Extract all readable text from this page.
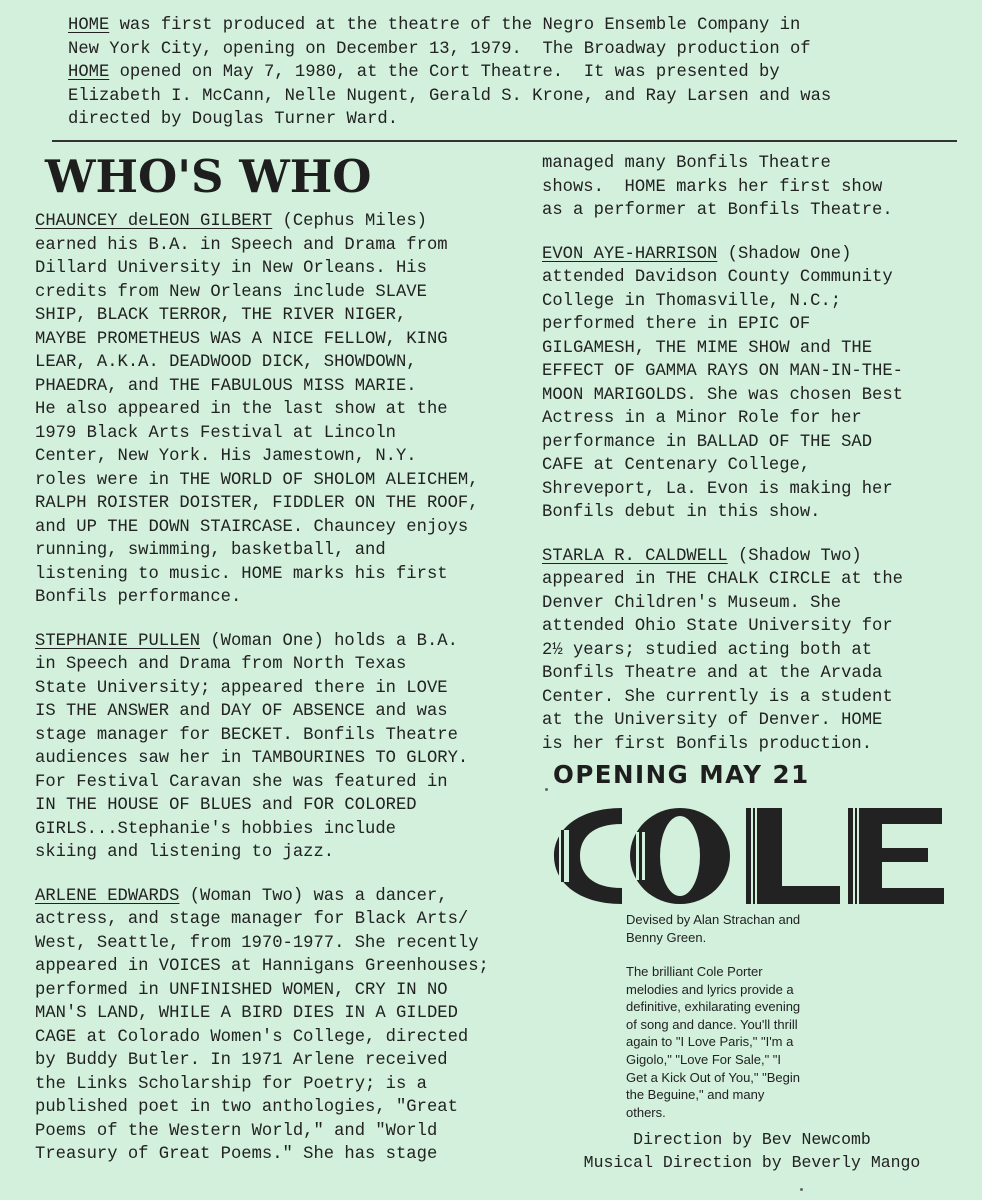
HOME was first produced at the theatre of the Negro Ensemble Company in
New York City, opening on December 13, 1979.  The Broadway production of
HOME opened on May 7, 1980, at the Cort Theatre.  It was presented by
Elizabeth I. McCann, Nelle Nugent, Gerald S. Krone, and Ray Larsen and was
directed by Douglas Turner Ward.
WHO'S WHO

CHAUNCEY deLEON GILBERT (Cephus Miles)
earned his B.A. in Speech and Drama from
Dillard University in New Orleans. His
credits from New Orleans include SLAVE
SHIP, BLACK TERROR, THE RIVER NIGER,
MAYBE PROMETHEUS WAS A NICE FELLOW, KING
LEAR, A.K.A. DEADWOOD DICK, SHOWDOWN,
PHAEDRA, and THE FABULOUS MISS MARIE.
He also appeared in the last show at the
1979 Black Arts Festival at Lincoln
Center, New York. His Jamestown, N.Y.
roles were in THE WORLD OF SHOLOM ALEICHEM,
RALPH ROISTER DOISTER, FIDDLER ON THE ROOF,
and UP THE DOWN STAIRCASE. Chauncey enjoys
running, swimming, basketball, and
listening to music. HOME marks his first
Bonfils performance.

STEPHANIE PULLEN (Woman One) holds a B.A.
in Speech and Drama from North Texas
State University; appeared there in LOVE
IS THE ANSWER and DAY OF ABSENCE and was
stage manager for BECKET. Bonfils Theatre
audiences saw her in TAMBOURINES TO GLORY.
For Festival Caravan she was featured in
IN THE HOUSE OF BLUES and FOR COLORED
GIRLS...Stephanie's hobbies include
skiing and listening to jazz.

ARLENE EDWARDS (Woman Two) was a dancer,
actress, and stage manager for Black Arts/
West, Seattle, from 1970-1977. She recently
appeared in VOICES at Hannigans Greenhouses;
performed in UNFINISHED WOMEN, CRY IN NO
MAN'S LAND, WHILE A BIRD DIES IN A GILDED
CAGE at Colorado Women's College, directed
by Buddy Butler. In 1971 Arlene received
the Links Scholarship for Poetry; is a
published poet in two anthologies, "Great
Poems of the Western World," and "World
Treasury of Great Poems." She has stage

managed many Bonfils Theatre
shows.  HOME marks her first show
as a performer at Bonfils Theatre.

EVON AYE-HARRISON (Shadow One)
attended Davidson County Community
College in Thomasville, N.C.;
performed there in EPIC OF
GILGAMESH, THE MIME SHOW and THE
EFFECT OF GAMMA RAYS ON MAN-IN-THE-
MOON MARIGOLDS. She was chosen Best
Actress in a Minor Role for her
performance in BALLAD OF THE SAD
CAFE at Centenary College,
Shreveport, La. Evon is making her
Bonfils debut in this show.

STARLA R. CALDWELL (Shadow Two)
appeared in THE CHALK CIRCLE at the
Denver Children's Museum. She
attended Ohio State University for
2½ years; studied acting both at
Bonfils Theatre and at the Arvada
Center. She currently is a student
at the University of Denver. HOME
is her first Bonfils production.

OPENING MAY 21
Devised by Alan Strachan and
Benny Green.
The brilliant Cole Porter
melodies and lyrics provide a
definitive, exhilarating evening
of song and dance. You'll thrill
again to "I Love Paris," "I'm a
Gigolo," "Love For Sale," "I
Get a Kick Out of You," "Begin
the Beguine," and many
others.
Direction by Bev Newcomb
Musical Direction by Beverly Mango
